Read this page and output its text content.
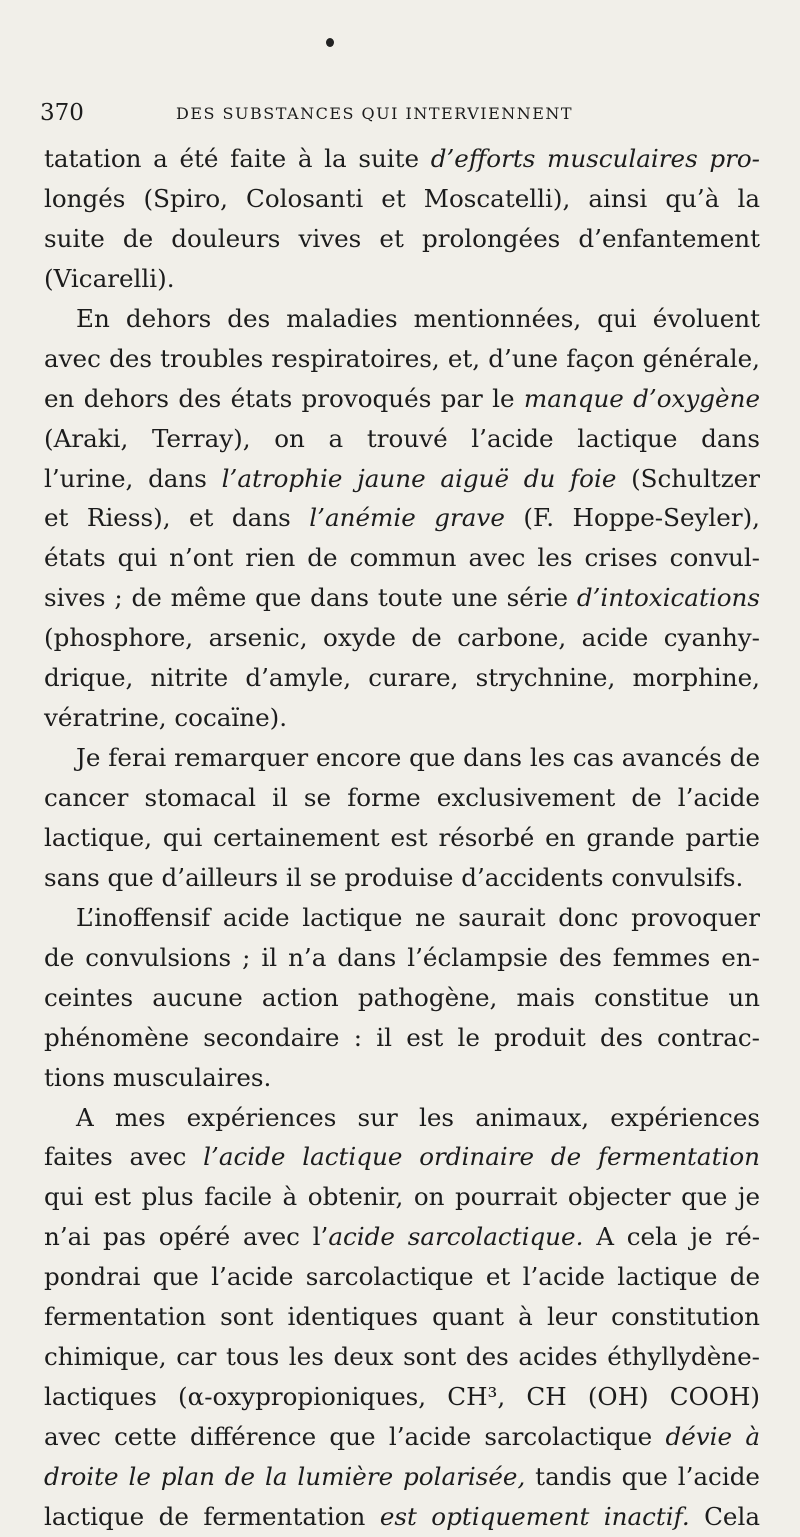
370	DES SUBSTANCES QUI INTERVIENNENT
tatation a été faite à la suite d’efforts musculaires pro-
longés (Spiro, Colosanti et Moscatelli), ainsi qu’à la
suite de douleurs vives et prolongées d’enfantement
(Vicarelli).
En dehors des maladies mentionnées, qui évoluent
avec des troubles respiratoires, et, d’une façon générale,
en dehors des états provoqués par le manque d’oxygène
(Araki, Terray), on a trouvé l’acide lactique dans
l’urine, dans l’atrophie jaune aiguë du foie (Schultzer
et Riess), et dans l’anémie grave (F. Hoppe-Seyler),
états qui n’ont rien de commun avec les crises convul-
sives ; de même que dans toute une série d’intoxications
(phosphore, arsenic, oxyde de carbone, acide cyanhy-
drique, nitrite d’amyle, curare, strychnine, morphine,
vératrine, cocaïne).
Je ferai remarquer encore que dans les cas avancés de
cancer stomacal il se forme exclusivement de l’acide
lactique, qui certainement est résorbé en grande partie
sans que d’ailleurs il se produise d’accidents convulsifs.
L’inoffensif acide lactique ne saurait donc provoquer
de convulsions ; il n’a dans l’éclampsie des femmes en-
ceintes aucune action pathogène, mais constitue un
phénomène secondaire : il est le produit des contrac-
tions musculaires.
A mes expériences sur les animaux, expériences
faites avec l’acide lactique ordinaire de fermentation
qui est plus facile à obtenir, on pourrait objecter que je
n’ai pas opéré avec l’acide sarcolactique. A cela je ré-
pondrai que l’acide sarcolactique et l’acide lactique de
fermentation sont identiques quant à leur constitution
chimique, car tous les deux sont des acides éthyllydène-
lactiques (α-oxypropioniques, CH³, CH (OH) COOH)
avec cette différence que l’acide sarcolactique dévie à
droite le plan de la lumière polarisée, tandis que l’acide
lactique de fermentation est optiquement inactif. Cela
